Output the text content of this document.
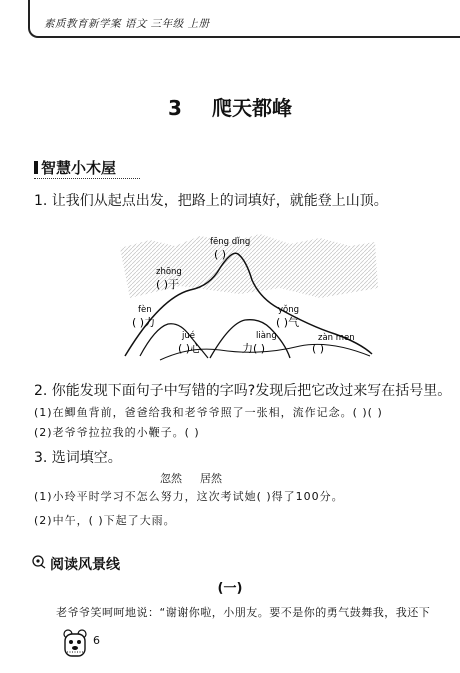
素质教育新学案 语文 三年级 上册
3 爬天都峰
智慧小木屋
1. 让我们从起点出发，把路上的词填好，就能登上山顶。
fēng dǐng
( )
zhōng
( )于
fèn
( )力
yǒng
( )气
jué
( )心
liàng
力( )
zàn men
( )
2. 你能发现下面句子中写错的字吗?发现后把它改过来写在括号里。
(1)在鲫鱼背前，爸爸给我和老爷爷照了一张相，流作记念。( )( )
(2)老爷爷拉拉我的小鞭子。( )
3. 选词填空。
忽然 居然
(1)小玲平时学习不怎么努力，这次考试她( )得了100分。
(2)中午，( )下起了大雨。
阅读风景线
(一)
老爷爷笑呵呵地说：“谢谢你啦，小朋友。要不是你的勇气鼓舞我，我还下
6
